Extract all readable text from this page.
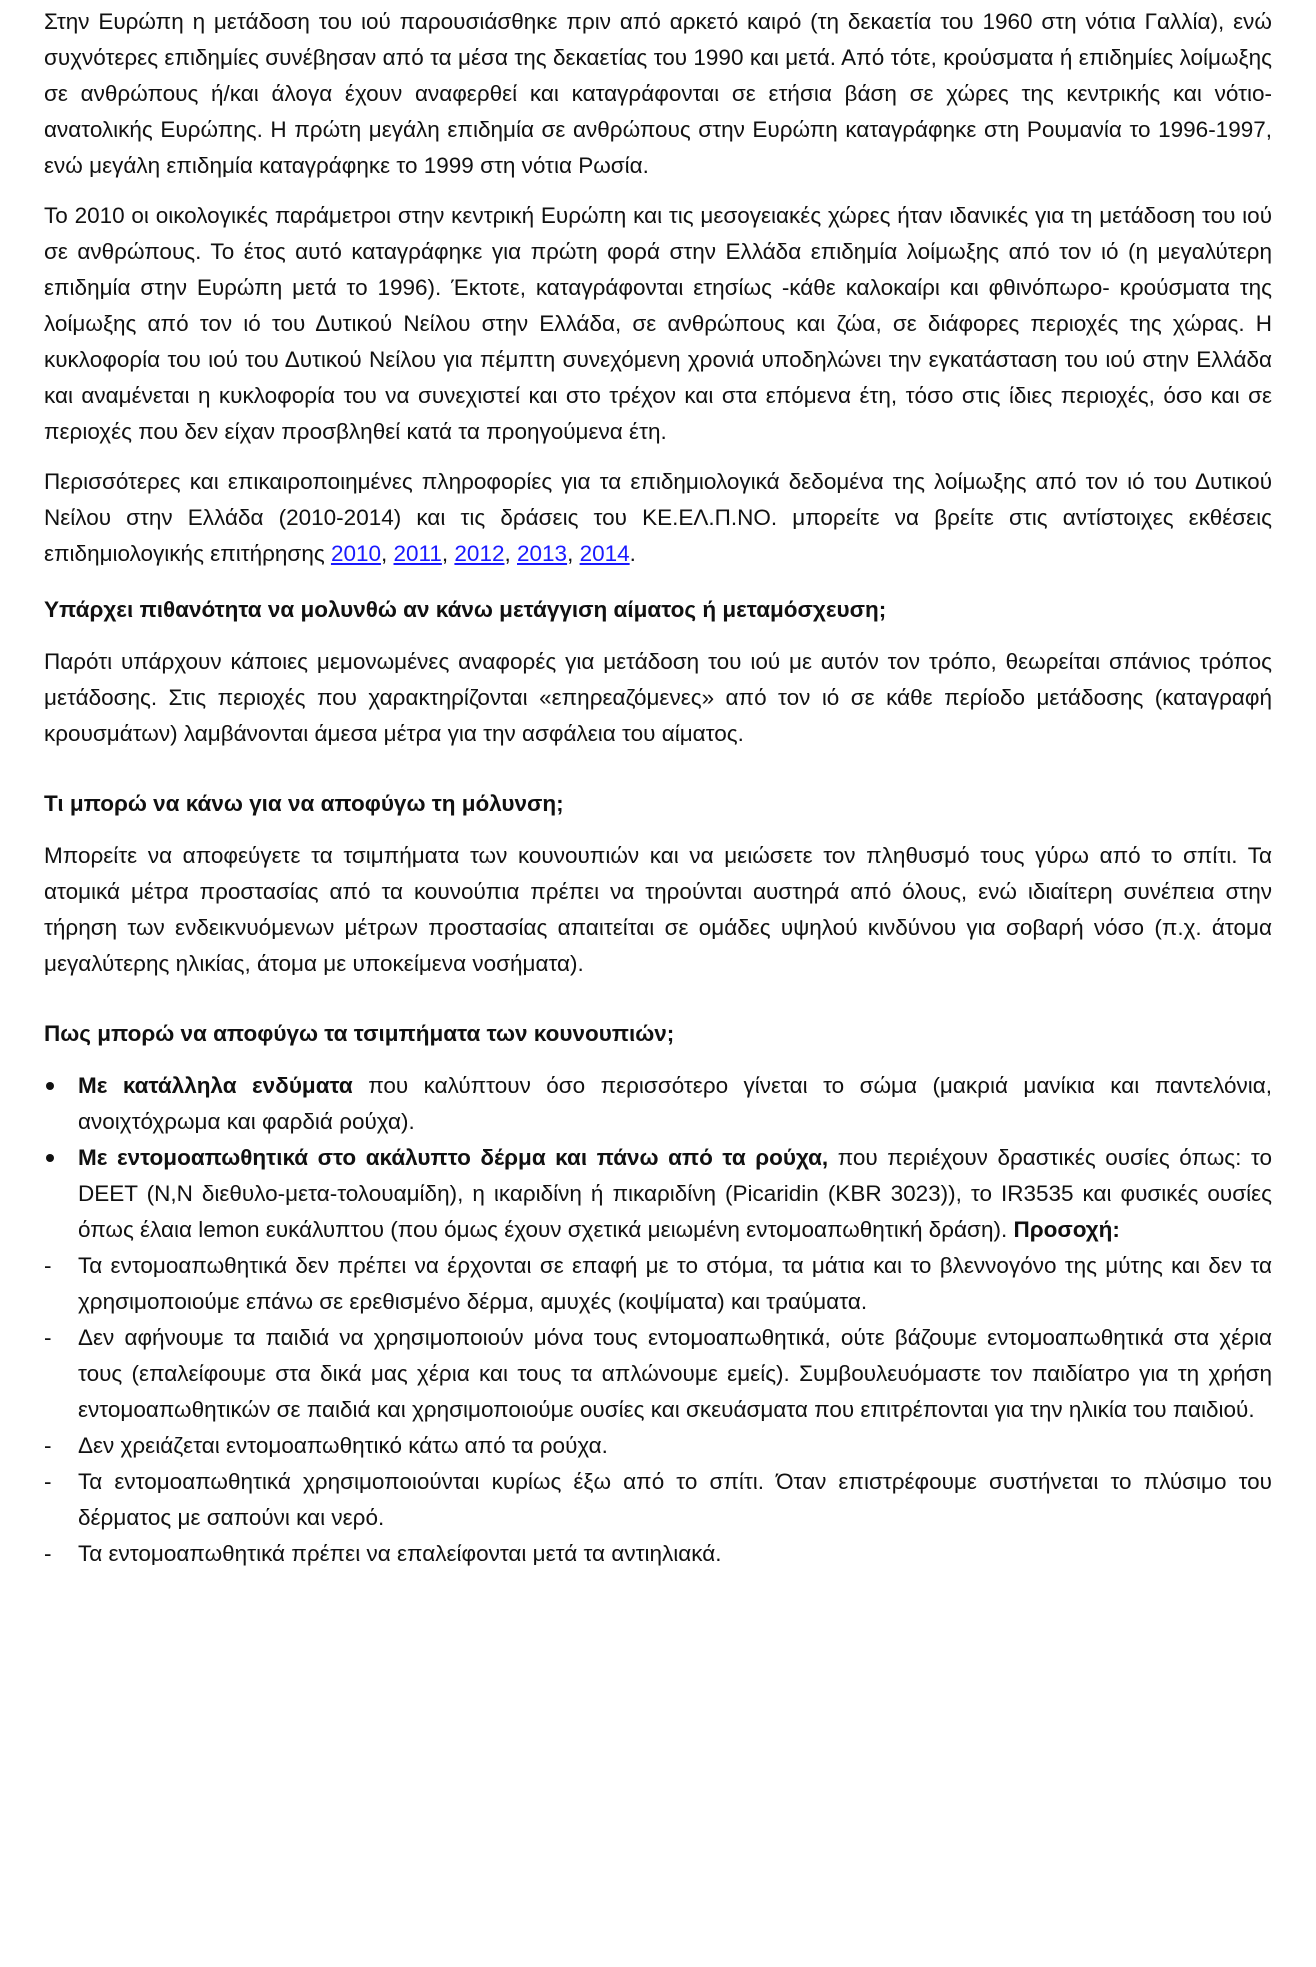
Στην Ευρώπη η μετάδοση του ιού παρουσιάσθηκε πριν από αρκετό καιρό (τη δεκαετία του 1960 στη νότια Γαλλία), ενώ συχνότερες επιδημίες συνέβησαν από τα μέσα της δεκαετίας του 1990 και μετά. Από τότε, κρούσματα ή επιδημίες λοίμωξης σε ανθρώπους ή/και άλογα έχουν αναφερθεί και καταγράφονται σε ετήσια βάση σε χώρες της κεντρικής και νότιο-ανατολικής Ευρώπης. Η πρώτη μεγάλη επιδημία σε ανθρώπους στην Ευρώπη καταγράφηκε στη Ρουμανία το 1996-1997, ενώ μεγάλη επιδημία καταγράφηκε το 1999 στη νότια Ρωσία.

Το 2010 οι οικολογικές παράμετροι στην κεντρική Ευρώπη και τις μεσογειακές χώρες ήταν ιδανικές για τη μετάδοση του ιού σε ανθρώπους. Το έτος αυτό καταγράφηκε για πρώτη φορά στην Ελλάδα επιδημία λοίμωξης από τον ιό (η μεγαλύτερη επιδημία στην Ευρώπη μετά το 1996). Έκτοτε, καταγράφονται ετησίως -κάθε καλοκαίρι και φθινόπωρο- κρούσματα της λοίμωξης από τον ιό του Δυτικού Νείλου στην Ελλάδα, σε ανθρώπους και ζώα, σε διάφορες περιοχές της χώρας. Η κυκλοφορία του ιού του Δυτικού Νείλου για πέμπτη συνεχόμενη χρονιά υποδηλώνει την εγκατάσταση του ιού στην Ελλάδα και αναμένεται η κυκλοφορία του να συνεχιστεί και στο τρέχον και στα επόμενα έτη, τόσο στις ίδιες περιοχές, όσο και σε περιοχές που δεν είχαν προσβληθεί κατά τα προηγούμενα έτη.

Περισσότερες και επικαιροποιημένες πληροφορίες για τα επιδημιολογικά δεδομένα της λοίμωξης από τον ιό του Δυτικού Νείλου στην Ελλάδα (2010-2014) και τις δράσεις του ΚΕ.ΕΛ.Π.ΝΟ. μπορείτε να βρείτε στις αντίστοιχες εκθέσεις επιδημιολογικής επιτήρησης 2010, 2011, 2012, 2013, 2014.

Υπάρχει πιθανότητα να μολυνθώ αν κάνω μετάγγιση αίματος ή μεταμόσχευση;

Παρότι υπάρχουν κάποιες μεμονωμένες αναφορές για μετάδοση του ιού με αυτόν τον τρόπο, θεωρείται σπάνιος τρόπος μετάδοσης. Στις περιοχές που χαρακτηρίζονται «επηρεαζόμενες» από τον ιό σε κάθε περίοδο μετάδοσης (καταγραφή κρουσμάτων) λαμβάνονται άμεσα μέτρα για την ασφάλεια του αίματος.

Τι μπορώ να κάνω για να αποφύγω τη μόλυνση;

Μπορείτε να αποφεύγετε τα τσιμπήματα των κουνουπιών και να μειώσετε τον πληθυσμό τους γύρω από το σπίτι. Τα ατομικά μέτρα προστασίας από τα κουνούπια πρέπει να τηρούνται αυστηρά από όλους, ενώ ιδιαίτερη συνέπεια στην τήρηση των ενδεικνυόμενων μέτρων προστασίας απαιτείται σε ομάδες υψηλού κινδύνου για σοβαρή νόσο (π.χ. άτομα μεγαλύτερης ηλικίας, άτομα με υποκείμενα νοσήματα).

Πως μπορώ να αποφύγω τα τσιμπήματα των κουνουπιών;

Με κατάλληλα ενδύματα που καλύπτουν όσο περισσότερο γίνεται το σώμα (μακριά μανίκια και παντελόνια, ανοιχτόχρωμα και φαρδιά ρούχα).
Με εντομοαπωθητικά στο ακάλυπτο δέρμα και πάνω από τα ρούχα, που περιέχουν δραστικές ουσίες όπως: το DEET (N,N διεθυλο-μετα-τολουαμίδη), η ικαριδίνη ή πικαριδίνη (Picaridin (KBR 3023)), το IR3535 και φυσικές ουσίες όπως έλαια lemon ευκάλυπτου (που όμως έχουν σχετικά μειωμένη εντομοαπωθητική δράση). Προσοχή:
- Τα εντομοαπωθητικά δεν πρέπει να έρχονται σε επαφή με το στόμα, τα μάτια και το βλεννογόνο της μύτης και δεν τα χρησιμοποιούμε επάνω σε ερεθισμένο δέρμα, αμυχές (κοψίματα) και τραύματα.
- Δεν αφήνουμε τα παιδιά να χρησιμοποιούν μόνα τους εντομοαπωθητικά, ούτε βάζουμε εντομοαπωθητικά στα χέρια τους (επαλείφουμε στα δικά μας χέρια και τους τα απλώνουμε εμείς). Συμβουλευόμαστε τον παιδίατρο για τη χρήση εντομοαπωθητικών σε παιδιά και χρησιμοποιούμε ουσίες και σκευάσματα που επιτρέπονται για την ηλικία του παιδιού.
- Δεν χρειάζεται εντομοαπωθητικό κάτω από τα ρούχα.
- Τα εντομοαπωθητικά χρησιμοποιούνται κυρίως έξω από το σπίτι. Όταν επιστρέφουμε συστήνεται το πλύσιμο του δέρματος με σαπούνι και νερό.
- Τα εντομοαπωθητικά πρέπει να επαλείφονται μετά τα αντιηλιακά.
